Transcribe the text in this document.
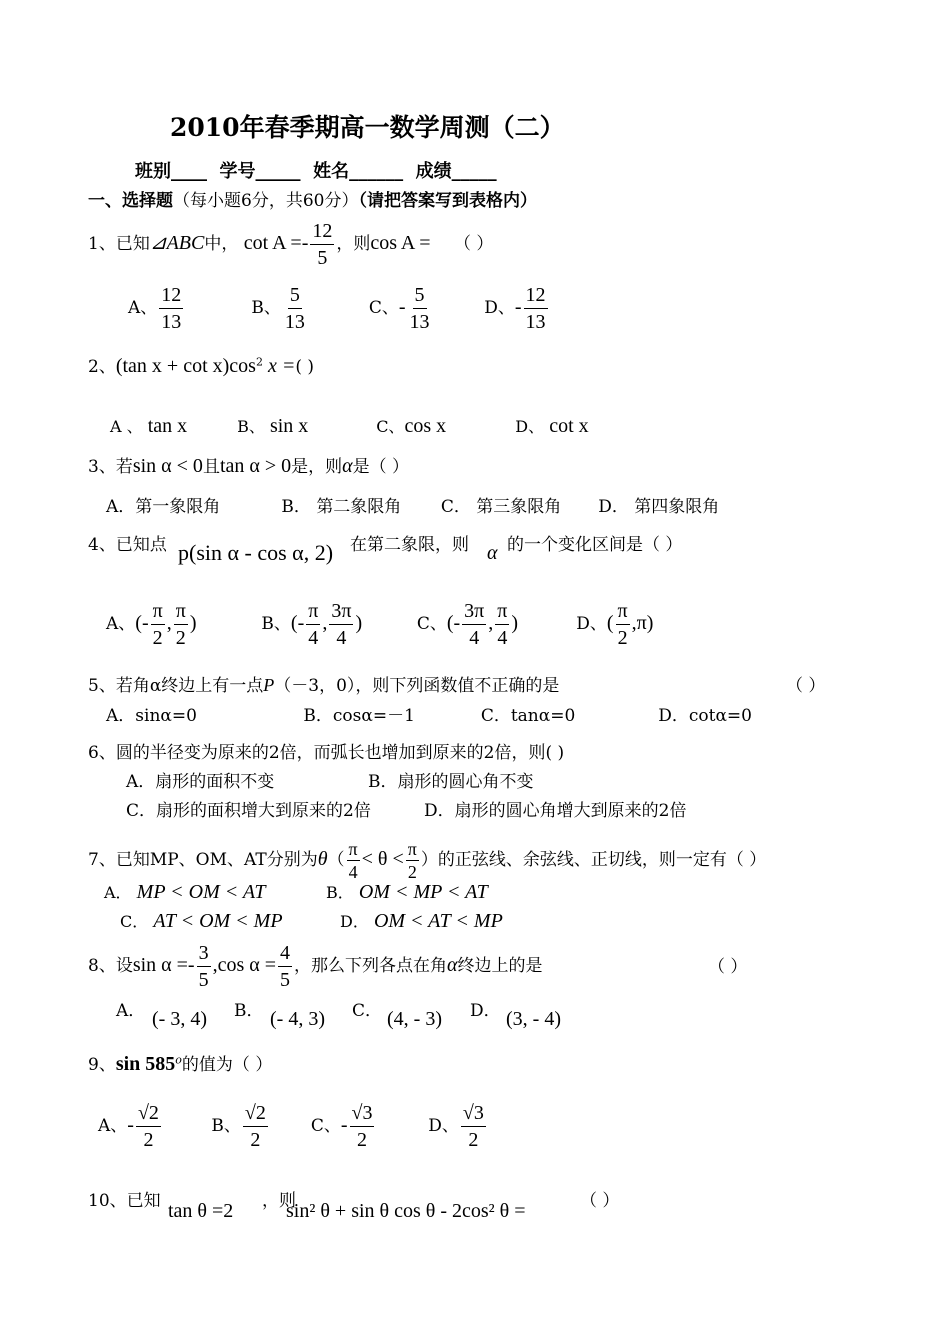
2010年春季期高一数学周测（二）
班别____  学号_____  姓名______  成绩_____
一、选择题（每小题6分，共60分）（请把答案写到表格内）
1、已知⊿ABC中， $\cot A =- \frac{12}{5}$ ，则cos A = （ ）
A、 $\frac{12}{13}$	B、 $\frac{5}{13}$	C、- $\frac{5}{13}$	D、- $\frac{12}{13}$
2、(tan $x + \cot x)\cos^2$ x =( )
A 、 tan x	B、 sin x	C、cos x	D、 cot x
3、若sin α < 0且tan α > 0是，则α是（ ）
A．第一象限角	B． 第二象限角 C． 第三象限角 D． 第四象限角
4、已知点 p(sin α - cos α, 2) 在第二象限，则 α 的一个变化区间是（ ）
A、(- $\frac{\pi}{2}$ , $\frac{\pi}{2}$ )	B、(- $\frac{\pi}{4}$ , $\frac{3\pi}{4}$ )	C、(- $\frac{3\pi}{4}$ , $\frac{\pi}{4}$ )	D、( $\frac{\pi}{2} ,\pi$)
5、若角α终边上有一点P（－3，0），则下列函数值不正确的是	（ ）
A．sinα=0	B．cosα=－1	C．tanα=0	D．cotα=0
6、圆的半径变为原来的2倍，而弧长也增加到原来的2倍，则( )
A．扇形的面积不变	B．扇形的圆心角不变
C．扇形的面积增大到原来的2倍	D．扇形的圆心角增大到原来的2倍
7、已知MP、OM、AT分别为$\theta( \frac{\pi}{4} < \theta < \frac{\pi}{2}$ ）的正弦线、余弦线、正切线，则一定有（ ）
A． MP < OM < AT	B． OM < MP < AT
C． AT < OM < MP	D． OM < AT < MP
8、设$\sin \alpha =- \frac{3}{5} ,\cos$ $\alpha = \frac{4}{5}$ ，那么下列各点在角α终边上的是	（ ）
A． (- 3, 4) B． (- 4, 3) C． (4, - 3) D． (3, - 4)
9、sin 585$^o$的值为（ ）
A、- $\frac{√2}{2}$	B、 $\frac{√2}{2}$	C、- $\frac{√3}{2}$	D、 $\frac{√3}{2}$
10、已知 tan θ =2 ，则
sin² θ + sin θ cos θ - 2cos² θ =	（ ）
